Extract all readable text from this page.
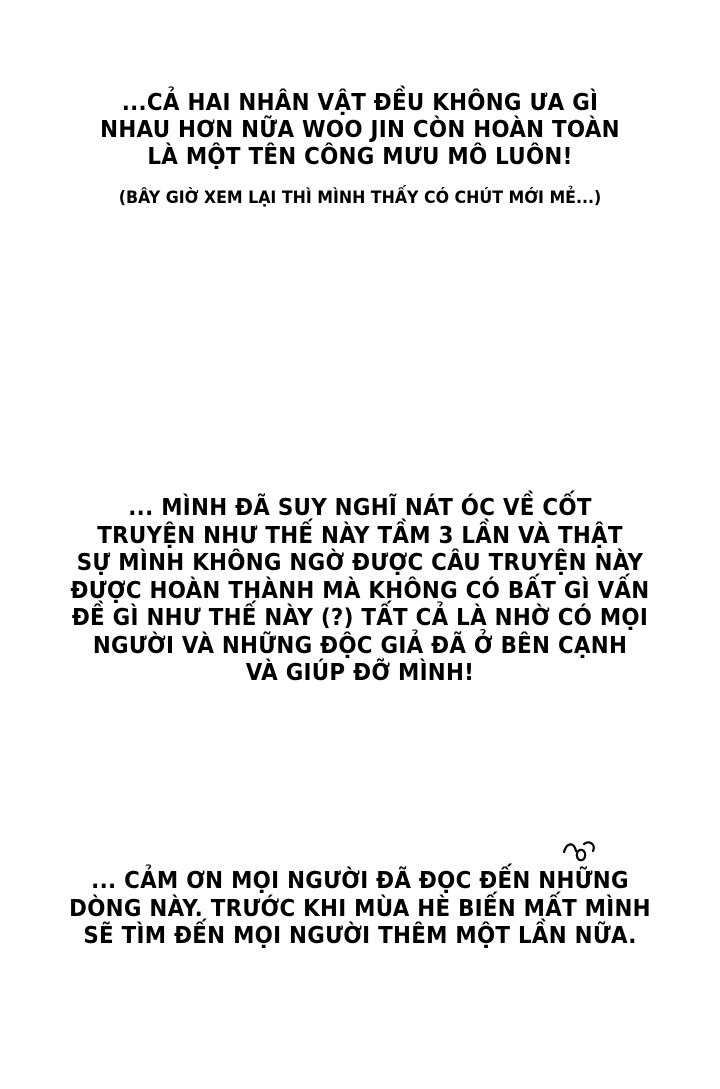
...CẢ HAI NHÂN VẬT ĐỀU KHÔNG ƯA GÌ
NHAU HƠN NỮA WOO JIN CÒN HOÀN TOÀN
LÀ MỘT TÊN CÔNG MƯU MÔ LUÔN!
(BÂY GIỜ XEM LẠI THÌ MÌNH THẤY CÓ CHÚT MỚI MẺ...)
... MÌNH ĐÃ SUY NGHĨ NÁT ÓC VỀ CỐT
TRUYỆN NHƯ THẾ NÀY TẦM 3 LẦN VÀ THẬT
SỰ MÌNH KHÔNG NGỜ ĐƯỢC CÂU TRUYỆN NÀY
ĐƯỢC HOÀN THÀNH MÀ KHÔNG CÓ BẤT GÌ VẤN
ĐỀ GÌ NHƯ THẾ NÀY (?) TẤT CẢ LÀ NHỜ CÓ MỌI
NGƯỜI VÀ NHỮNG ĐỘC GIẢ ĐÃ Ở BÊN CẠNH
VÀ GIÚP ĐỠ MÌNH!
... CẢM ƠN MỌI NGƯỜI ĐÃ ĐỌC ĐẾN NHỮNG
DÒNG NÀY. TRƯỚC KHI MÙA HÈ BIẾN MẤT MÌNH
SẼ TÌM ĐẾN MỌI NGƯỜI THÊM MỘT LẦN NỮA.
